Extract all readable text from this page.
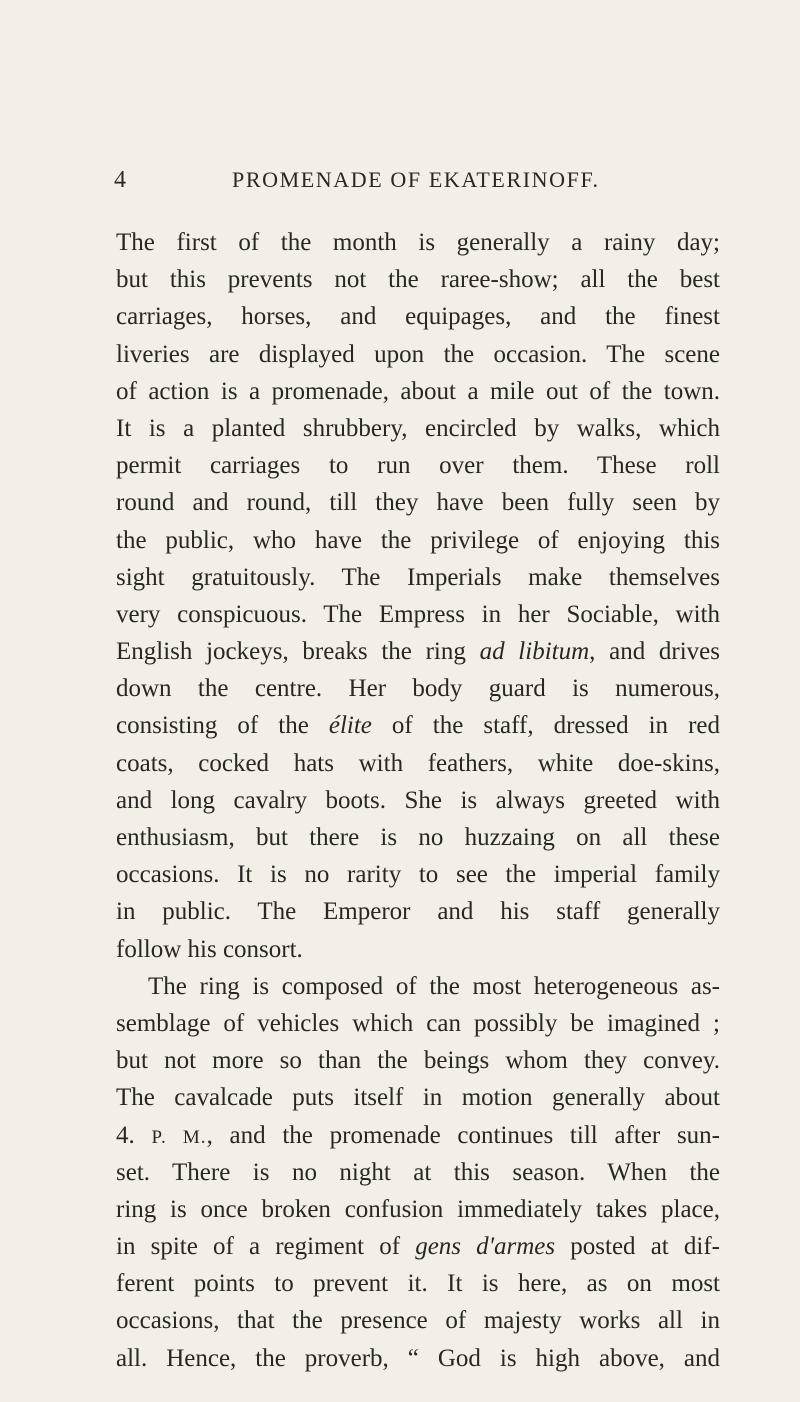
4	PROMENADE OF EKATERINOFF.
The first of the month is generally a rainy day;
but this prevents not the raree-show; all the best
carriages, horses, and equipages, and the finest
liveries are displayed upon the occasion. The scene
of action is a promenade, about a mile out of the town.
It is a planted shrubbery, encircled by walks, which
permit carriages to run over them. These roll
round and round, till they have been fully seen by
the public, who have the privilege of enjoying this
sight gratuitously. The Imperials make themselves
very conspicuous. The Empress in her Sociable, with
English jockeys, breaks the ring ad libitum, and drives
down the centre. Her body guard is numerous,
consisting of the élite of the staff, dressed in red
coats, cocked hats with feathers, white doe-skins,
and long cavalry boots. She is always greeted with
enthusiasm, but there is no huzzaing on all these
occasions. It is no rarity to see the imperial family
in public. The Emperor and his staff generally
follow his consort.
The ring is composed of the most heterogeneous as-
semblage of vehicles which can possibly be imagined ;
but not more so than the beings whom they convey.
The cavalcade puts itself in motion generally about
4. P. M., and the promenade continues till after sun-
set. There is no night at this season. When the
ring is once broken confusion immediately takes place,
in spite of a regiment of gens d'armes posted at dif-
ferent points to prevent it. It is here, as on most
occasions, that the presence of majesty works all in
all. Hence, the proverb, “ God is high above, and
